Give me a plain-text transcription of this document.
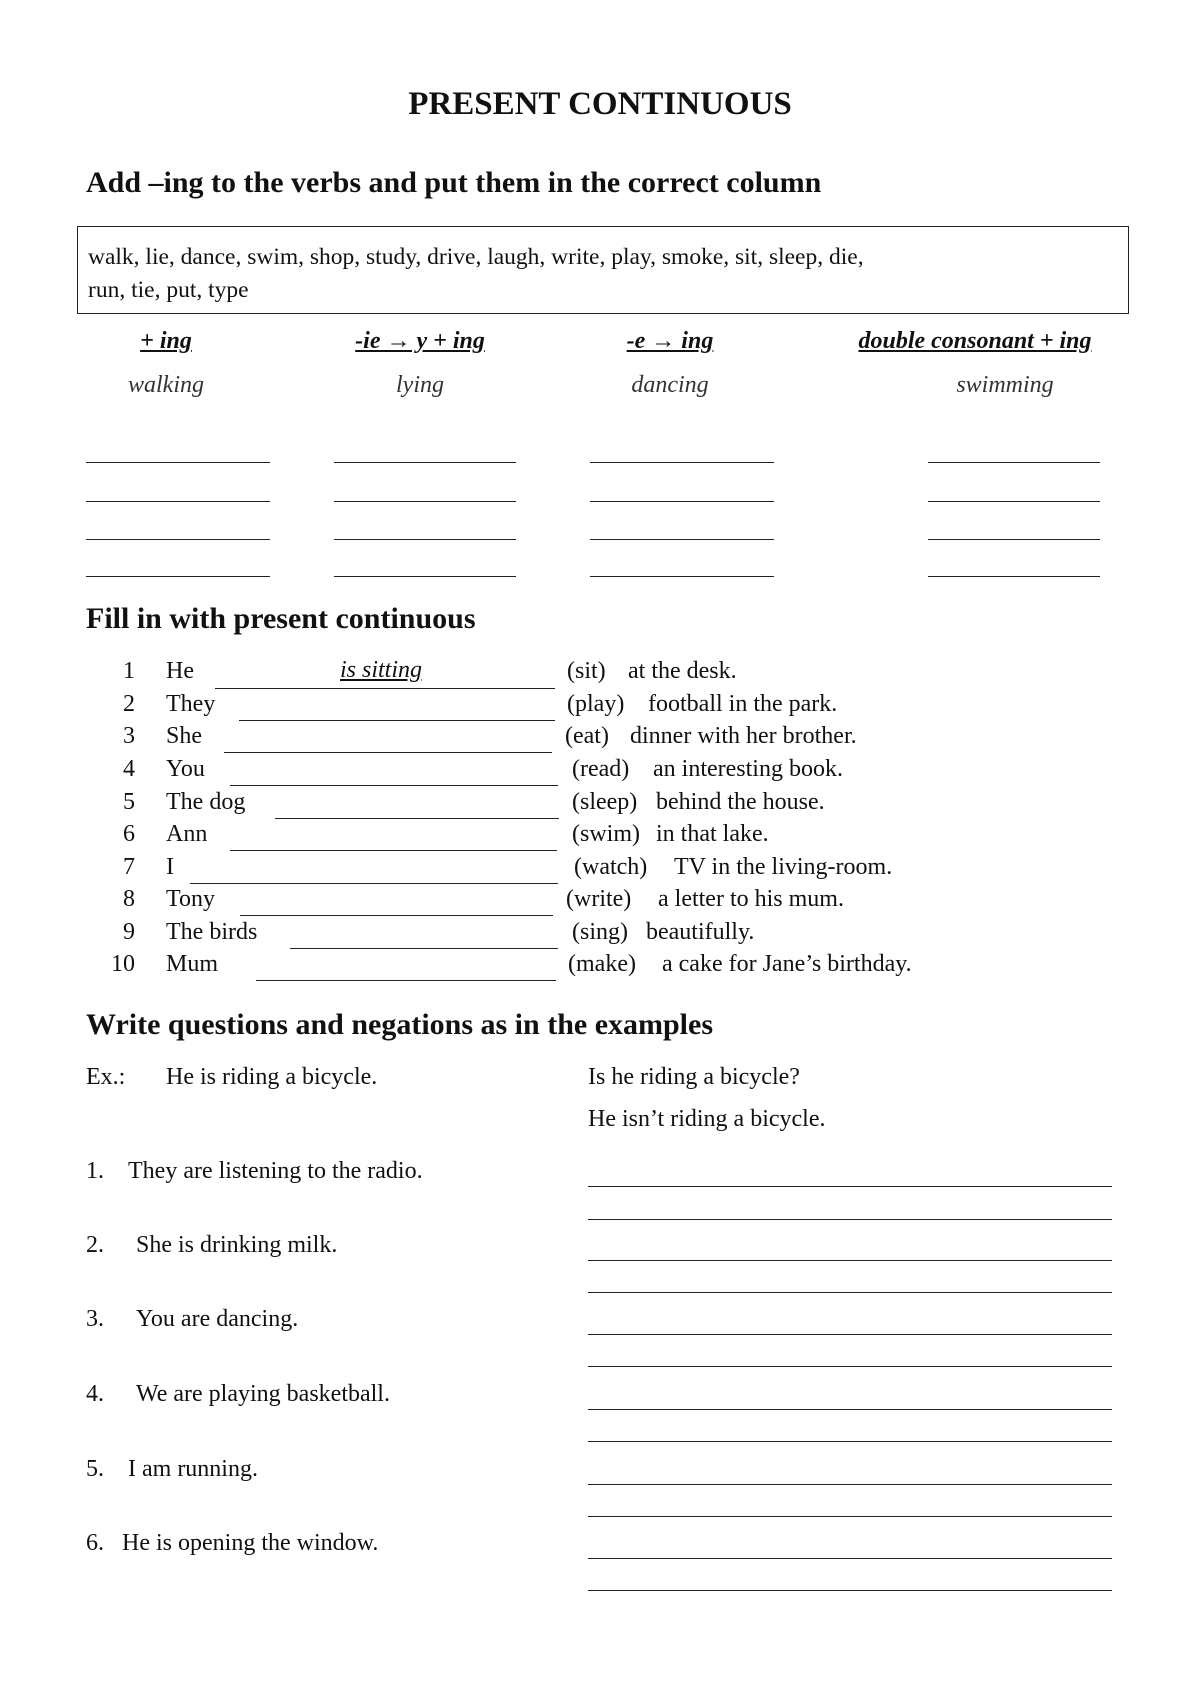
PRESENT CONTINUOUS
Add –ing to the verbs and put them in the correct column
walk, lie, dance, swim, shop, study, drive, laugh, write, play, smoke, sit, sleep, die,
run, tie, put, type
+ ing	-ie → y + ing	-e → ing	double consonant + ing
walking	lying	dancing	swimming
Fill in with present continuous
1 He	is sitting	(sit) at the desk.
2 They	(play) football in the park.
3 She	(eat) dinner with her brother.
4 You	(read) an interesting book.
5 The dog	(sleep) behind the house.
6 Ann	(swim) in that lake.
7 I	(watch) TV in the living-room.
8 Tony	(write) a letter to his mum.
9 The birds	(sing) beautifully.
10 Mum	(make) a cake for Jane’s birthday.
Write questions and negations as in the examples
Ex.: He is riding a bicycle.	Is he riding a bicycle?
He isn’t riding a bicycle.
1. They are listening to the radio.
2. She is drinking milk.
3. You are dancing.
4. We are playing basketball.
5. I am running.
6. He is opening the window.
